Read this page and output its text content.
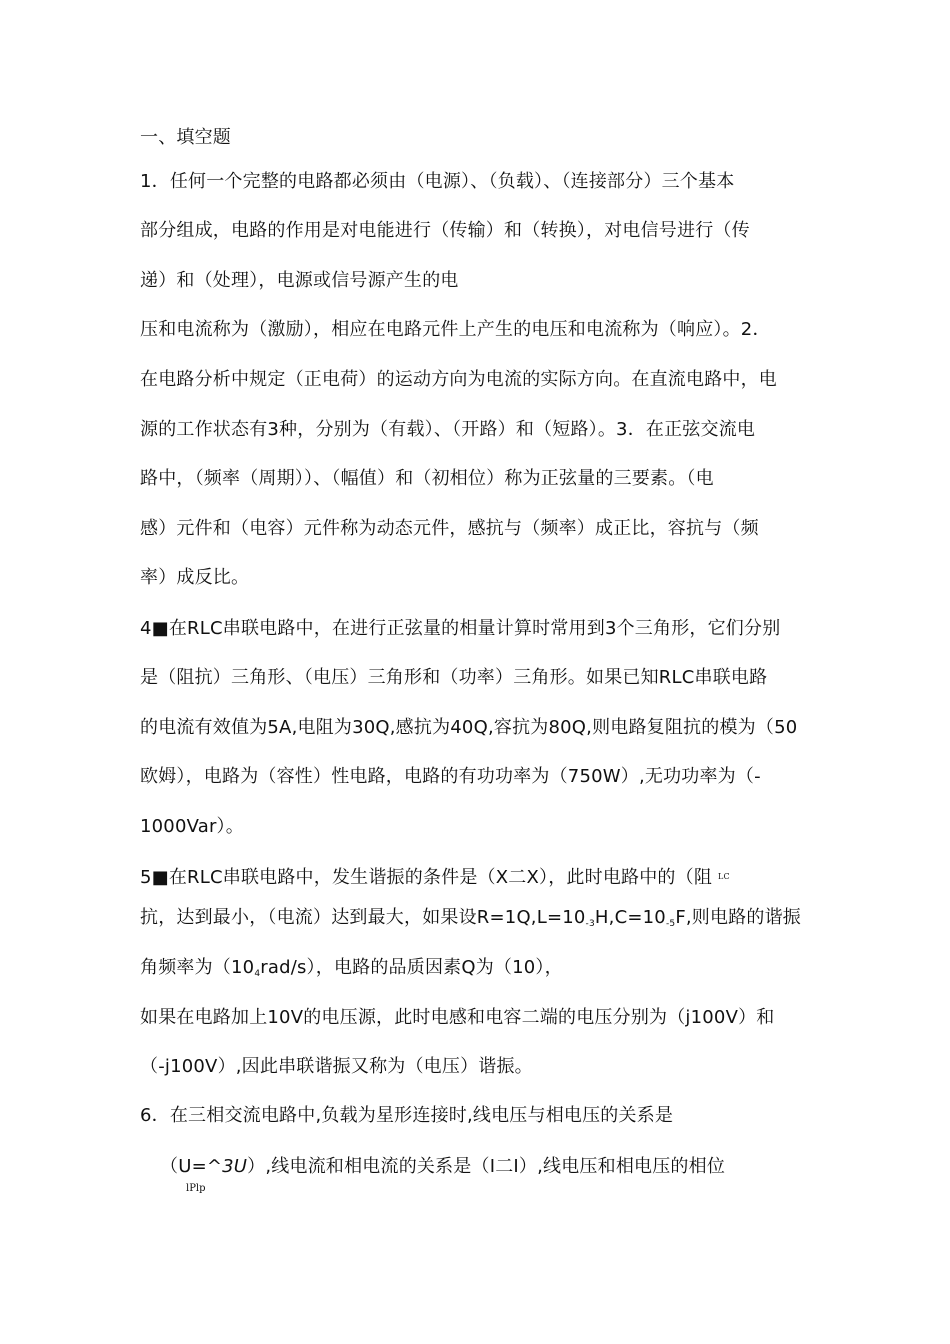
一、填空题
1．任何一个完整的电路都必须由（电源）、（负载）、（连接部分）三个基本
部分组成，电路的作用是对电能进行（传输）和（转换），对电信号进行（传
递）和（处理），电源或信号源产生的电
压和电流称为（激励），相应在电路元件上产生的电压和电流称为（响应）。2．
在电路分析中规定（正电荷）的运动方向为电流的实际方向。在直流电路中，电
源的工作状态有3种，分别为（有载）、（开路）和（短路）。3．在正弦交流电
路中，（频率（周期））、（幅值）和（初相位）称为正弦量的三要素。（电
感）元件和（电容）元件称为动态元件，感抗与（频率）成正比，容抗与（频
率）成反比。
4■在RLC串联电路中，在进行正弦量的相量计算时常用到3个三角形，它们分别
是（阻抗）三角形、（电压）三角形和（功率）三角形。如果已知RLC串联电路
的电流有效值为5A,电阻为30Q,感抗为40Q,容抗为80Q,则电路复阻抗的模为（50
欧姆），电路为（容性）性电路，电路的有功功率为（750W）,无功功率为（-
1000Var）。
5■在RLC串联电路中，发生谐振的条件是（X二X），此时电路中的（阻 $^{LC}$
抗，达到最小，（电流）达到最大，如果设$R=1Q,L=10_{-3}H,C=10_{-5}F$,则电路的谐振
角频率为$(10_4rad/s)$，电路的品质因素Q为（10），
如果在电路加上10V的电压源，此时电感和电容二端的电压分别为（j100V）和
（-j100V）,因此串联谐振又称为（电压）谐振。
6．在三相交流电路中,负载为星形连接时,线电压与相电压的关系是
（U=^3U）,线电流和相电流的关系是（I二I）,线电压和相电压的相位
lPlp
